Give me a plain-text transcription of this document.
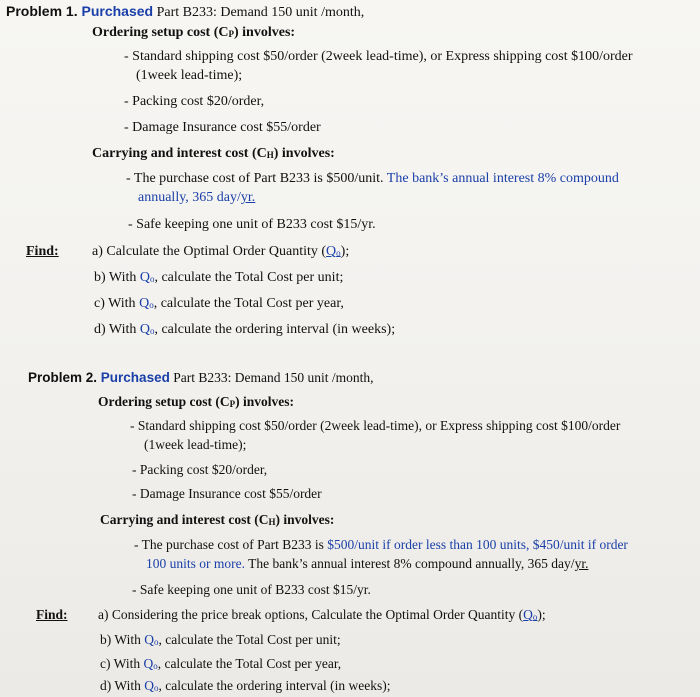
Problem 1. Purchased Part B233: Demand 150 unit /month,
Ordering setup cost (CP) involves:
- Standard shipping cost $50/order (2week lead-time), or Express shipping cost $100/order
(1week lead-time);
- Packing cost $20/order,
- Damage Insurance cost $55/order
Carrying and interest cost (CH) involves:
- The purchase cost of Part B233 is $500/unit. The bank’s annual interest 8% compound
annually, 365 day/yr.
- Safe keeping one unit of B233 cost $15/yr.
Find: a) Calculate the Optimal Order Quantity (Qo);
b) With Qo, calculate the Total Cost per unit;
c) With Qo, calculate the Total Cost per year,
d) With Qo, calculate the ordering interval (in weeks);
Problem 2. Purchased Part B233: Demand 150 unit /month,
Ordering setup cost (CP) involves:
- Standard shipping cost $50/order (2week lead-time), or Express shipping cost $100/order
(1week lead-time);
- Packing cost $20/order,
- Damage Insurance cost $55/order
Carrying and interest cost (CH) involves:
- The purchase cost of Part B233 is $500/unit if order less than 100 units, $450/unit if order
100 units or more. The bank’s annual interest 8% compound annually, 365 day/yr.
- Safe keeping one unit of B233 cost $15/yr.
Find: a) Considering the price break options, Calculate the Optimal Order Quantity (Qo);
b) With Qo, calculate the Total Cost per unit;
c) With Qo, calculate the Total Cost per year,
d) With Qo, calculate the ordering interval (in weeks);
